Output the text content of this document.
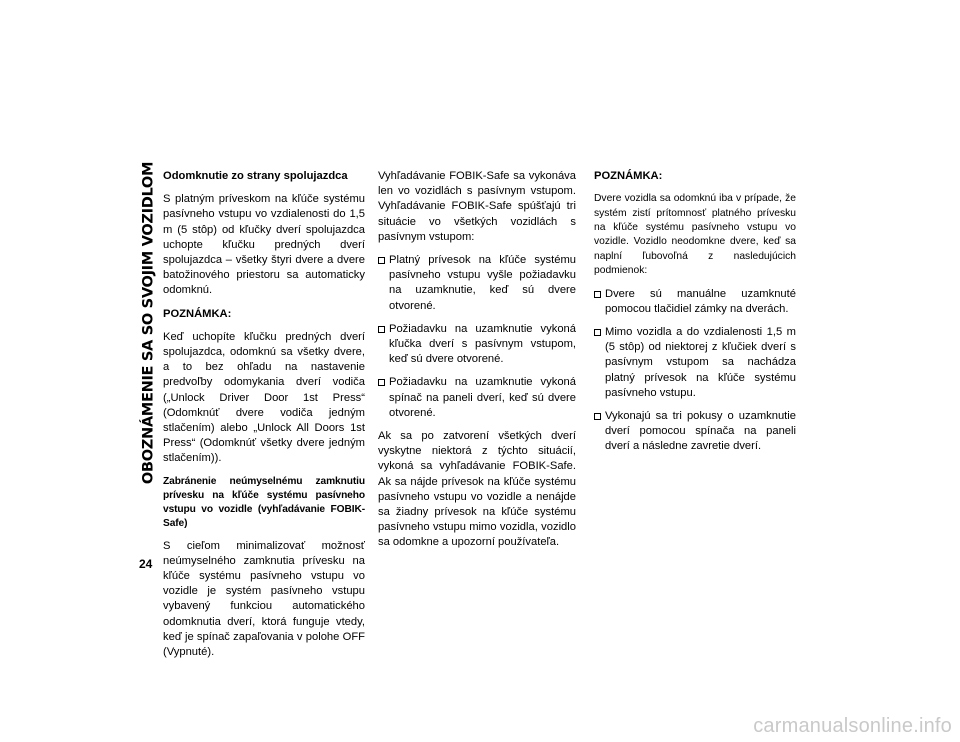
OBOZNÁMENIE SA SO SVOJIM VOZIDLOM
24

Odomknutie zo strany spolujazdca

S platným príveskom na kľúče systému pasívneho vstupu vo vzdialenosti do 1,5 m (5 stôp) od kľučky dverí spolujazdca uchopte kľučku predných dverí spolujazdca – všetky štyri dvere a dvere batožinového priestoru sa automaticky odomknú.

POZNÁMKA:

Keď uchopíte kľučku predných dverí spolujazdca, odomknú sa všetky dvere, a to bez ohľadu na nastavenie predvoľby odomykania dverí vodiča („Unlock Driver Door 1st Press“ (Odomknúť dvere vodiča jedným stlačením) alebo „Unlock All Doors 1st Press“ (Odomknúť všetky dvere jedným stlačením)).

Zabránenie neúmyselnému zamknutiu prívesku na kľúče systému pasívneho vstupu vo vozidle (vyhľadávanie FOBIK-Safe)

S cieľom minimalizovať možnosť neúmyselného zamknutia prívesku na kľúče systému pasívneho vstupu vo vozidle je systém pasívneho vstupu vybavený funkciou automatického odomknutia dverí, ktorá funguje vtedy, keď je spínač zapaľovania v polohe OFF (Vypnuté).

Vyhľadávanie FOBIK-Safe sa vykonáva len vo vozidlách s pasívnym vstupom. Vyhľadávanie FOBIK-Safe spúšťajú tri situácie vo všetkých vozidlách s pasívnym vstupom:

Platný prívesok na kľúče systému pasívneho vstupu vyšle požiadavku na uzamknutie, keď sú dvere otvorené.
Požiadavku na uzamknutie vykoná kľučka dverí s pasívnym vstupom, keď sú dvere otvorené.
Požiadavku na uzamknutie vykoná spínač na paneli dverí, keď sú dvere otvorené.

Ak sa po zatvorení všetkých dverí vyskytne niektorá z týchto situácií, vykoná sa vyhľadávanie FOBIK-Safe. Ak sa nájde prívesok na kľúče systému pasívneho vstupu vo vozidle a nenájde sa žiadny prívesok na kľúče systému pasívneho vstupu mimo vozidla, vozidlo sa odomkne a upozorní používateľa.

POZNÁMKA:

Dvere vozidla sa odomknú iba v prípade, že systém zistí prítomnosť platného prívesku na kľúče systému pasívneho vstupu vo vozidle. Vozidlo neodomkne dvere, keď sa naplní ľubovoľná z nasledujúcich podmienok:

Dvere sú manuálne uzamknuté pomocou tlačidiel zámky na dverách.
Mimo vozidla a do vzdialenosti 1,5 m (5 stôp) od niektorej z kľučiek dverí s pasívnym vstupom sa nachádza platný prívesok na kľúče systému pasívneho vstupu.
Vykonajú sa tri pokusy o uzamknutie dverí pomocou spínača na paneli dverí a následne zavretie dverí.
carmanualsonline.info
